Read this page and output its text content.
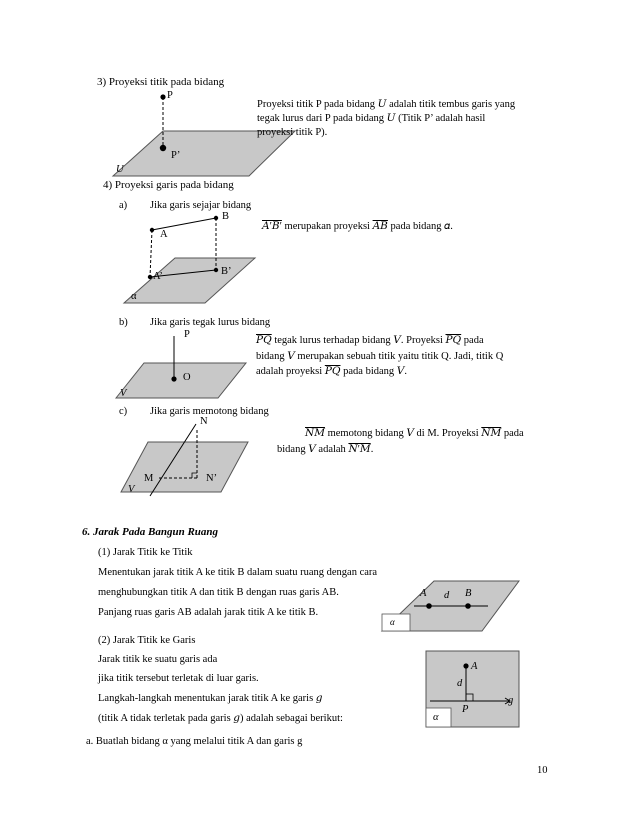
3) Proyeksi titik pada bidang
P
P’
U
Proyeksi titik P pada bidang 𝑈 adalah titik tembus garis yang
tegak lurus dari P pada bidang 𝑈 (Titik P’ adalah hasil
proyeksi titik P).
4) Proyeksi garis pada bidang
a) Jika garis sejajar bidang
B
A
A’	B’
α
𝐴′𝐵′ merupakan proyeksi 𝐴𝐵 pada bidang 𝛼.
b) Jika garis tegak lurus bidang
P
O
V
𝑃𝑄 tegak lurus terhadap bidang 𝑉. Proyeksi 𝑃𝑄 pada
bidang 𝑉 merupakan sebuah titik yaitu titik Q. Jadi, titik Q
adalah proyeksi 𝑃𝑄 pada bidang 𝑉.
c) Jika garis memotong bidang
N
M	N’
V
𝑁𝑀 memotong bidang 𝑉 di M. Proyeksi 𝑁𝑀 pada
bidang 𝑉 adalah 𝑁′𝑀.
6. Jarak Pada Bangun Ruang
(1) Jarak Titik ke Titik
Menentukan jarak titik A ke titik B dalam suatu ruang dengan cara
menghubungkan titik A dan titik B dengan ruas garis AB.
Panjang ruas garis AB adalah jarak titik A ke titik B.
A d B
α
(2) Jarak Titik ke Garis
Jarak titik ke suatu garis ada
jika titik tersebut terletak di luar garis.
Langkah-langkah menentukan jarak titik A ke garis 𝑔
(titik A tidak terletak pada garis 𝑔) adalah sebagai berikut:
A
d
g
P
α
a. Buatlah bidang α yang melalui titik A dan garis g
10
